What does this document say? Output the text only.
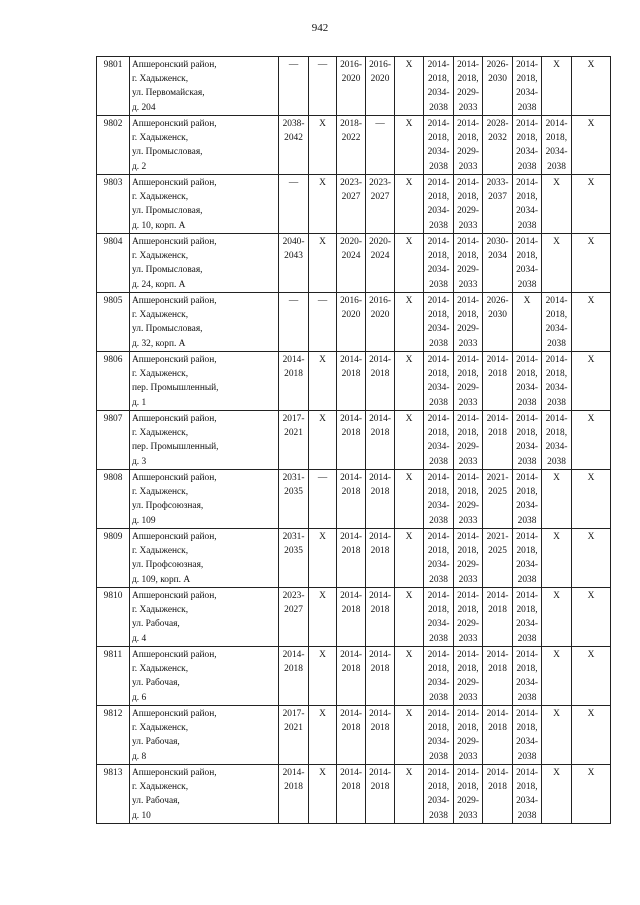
942
9801	Апшеронский район,
г. Хадыженск,
ул. Первомайская,
д. 204	—	—	2016-
2020	2016-
2020	X	2014-
2018,
2034-
2038	2014-
2018,
2029-
2033	2026-
2030	2014-
2018,
2034-
2038	X	X

9802	Апшеронский район,
г. Хадыженск,
ул. Промысловая,
д. 2	2038-
2042	X	2018-
2022	—	X	2014-
2018,
2034-
2038	2014-
2018,
2029-
2033	2028-
2032	2014-
2018,
2034-
2038	2014-
2018,
2034-
2038	X

9803	Апшеронский район,
г. Хадыженск,
ул. Промысловая,
д. 10, корп. А	—	X	2023-
2027	2023-
2027	X	2014-
2018,
2034-
2038	2014-
2018,
2029-
2033	2033-
2037	2014-
2018,
2034-
2038	X	X

9804	Апшеронский район,
г. Хадыженск,
ул. Промысловая,
д. 24, корп. А	2040-
2043	X	2020-
2024	2020-
2024	X	2014-
2018,
2034-
2038	2014-
2018,
2029-
2033	2030-
2034	2014-
2018,
2034-
2038	X	X

9805	Апшеронский район,
г. Хадыженск,
ул. Промысловая,
д. 32, корп. А	—	—	2016-
2020	2016-
2020	X	2014-
2018,
2034-
2038	2014-
2018,
2029-
2033	2026-
2030	X	2014-
2018,
2034-
2038	X

9806	Апшеронский район,
г. Хадыженск,
пер. Промышленный,
д. 1	2014-
2018	X	2014-
2018	2014-
2018	X	2014-
2018,
2034-
2038	2014-
2018,
2029-
2033	2014-
2018	2014-
2018,
2034-
2038	2014-
2018,
2034-
2038	X

9807	Апшеронский район,
г. Хадыженск,
пер. Промышленный,
д. 3	2017-
2021	X	2014-
2018	2014-
2018	X	2014-
2018,
2034-
2038	2014-
2018,
2029-
2033	2014-
2018	2014-
2018,
2034-
2038	2014-
2018,
2034-
2038	X

9808	Апшеронский район,
г. Хадыженск,
ул. Профсоюзная,
д. 109	2031-
2035	—	2014-
2018	2014-
2018	X	2014-
2018,
2034-
2038	2014-
2018,
2029-
2033	2021-
2025	2014-
2018,
2034-
2038	X	X

9809	Апшеронский район,
г. Хадыженск,
ул. Профсоюзная,
д. 109, корп. А	2031-
2035	X	2014-
2018	2014-
2018	X	2014-
2018,
2034-
2038	2014-
2018,
2029-
2033	2021-
2025	2014-
2018,
2034-
2038	X	X

9810	Апшеронский район,
г. Хадыженск,
ул. Рабочая,
д. 4	2023-
2027	X	2014-
2018	2014-
2018	X	2014-
2018,
2034-
2038	2014-
2018,
2029-
2033	2014-
2018	2014-
2018,
2034-
2038	X	X

9811	Апшеронский район,
г. Хадыженск,
ул. Рабочая,
д. 6	2014-
2018	X	2014-
2018	2014-
2018	X	2014-
2018,
2034-
2038	2014-
2018,
2029-
2033	2014-
2018	2014-
2018,
2034-
2038	X	X

9812	Апшеронский район,
г. Хадыженск,
ул. Рабочая,
д. 8	2017-
2021	X	2014-
2018	2014-
2018	X	2014-
2018,
2034-
2038	2014-
2018,
2029-
2033	2014-
2018	2014-
2018,
2034-
2038	X	X

9813	Апшеронский район,
г. Хадыженск,
ул. Рабочая,
д. 10	2014-
2018	X	2014-
2018	2014-
2018	X	2014-
2018,
2034-
2038	2014-
2018,
2029-
2033	2014-
2018	2014-
2018,
2034-
2038	X	X
